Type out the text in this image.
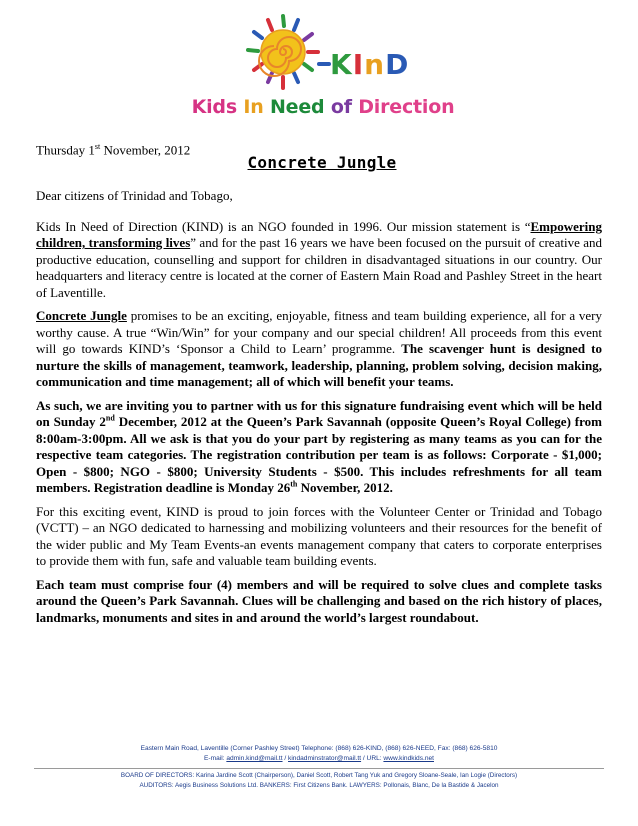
KInD
Kids In Need of Direction
Thursday 1st November, 2012
Concrete Jungle

Dear citizens of Trinidad and Tobago,

Kids In Need of Direction (KIND) is an NGO founded in 1996. Our mission statement is “Empowering children, transforming lives” and for the past 16 years we have been focused on the pursuit of creative and productive education, counselling and support for children in disadvantaged situations in our country. Our headquarters and literacy centre is located at the corner of Eastern Main Road and Pashley Street in the heart of Laventille.

Concrete Jungle promises to be an exciting, enjoyable, fitness and team building experience, all for a very worthy cause. A true “Win/Win” for your company and our special children! All proceeds from this event will go towards KIND’s ‘Sponsor a Child to Learn’ programme. The scavenger hunt is designed to nurture the skills of management, teamwork, leadership, planning, problem solving, decision making, communication and time management; all of which will benefit your teams.

As such, we are inviting you to partner with us for this signature fundraising event which will be held on Sunday 2nd December, 2012 at the Queen’s Park Savannah (opposite Queen’s Royal College) from 8:00am-3:00pm. All we ask is that you do your part by registering as many teams as you can for the respective team categories. The registration contribution per team is as follows: Corporate - $1,000; Open - $800; NGO - $800; University Students - $500. This includes refreshments for all team members. Registration deadline is Monday 26th November, 2012.

For this exciting event, KIND is proud to join forces with the Volunteer Center or Trinidad and Tobago (VCTT) – an NGO dedicated to harnessing and mobilizing volunteers and their resources for the benefit of the wider public and My Team Events-an events management company that caters to corporate enterprises to provide them with fun, safe and valuable team building events.

Each team must comprise four (4) members and will be required to solve clues and complete tasks around the Queen’s Park Savannah. Clues will be challenging and based on the rich history of places, landmarks, monuments and sites in and around the world’s largest roundabout.

Eastern Main Road, Laventille (Corner Pashley Street) Telephone: (868) 626-KIND, (868) 626-NEED, Fax: (868) 626-5810
E-mail: admin.kind@mail.tt / kindadminstrator@mail.tt / URL: www.kindkids.net
BOARD OF DIRECTORS: Karina Jardine Scott (Chairperson), Daniel Scott, Robert Tang Yuk and Gregory Sloane-Seale, Ian Logie (Directors)
AUDITORS: Aegis Business Solutions Ltd. BANKERS: First Citizens Bank. LAWYERS: Pollonais, Blanc, De la Bastide & Jacelon
